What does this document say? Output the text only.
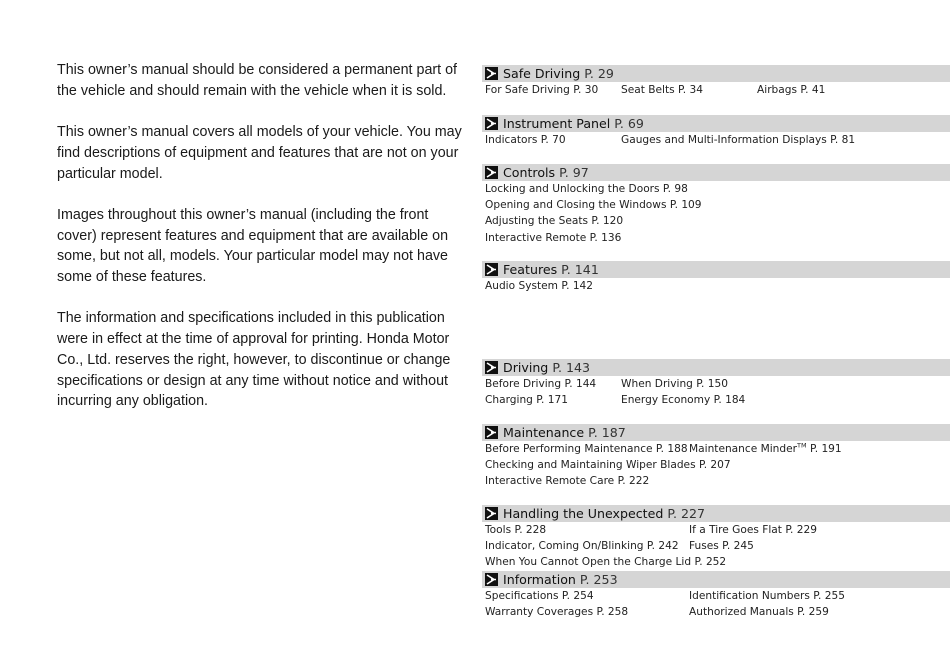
This owner’s manual should be considered a permanent part of the vehicle and should remain with the vehicle when it is sold.

This owner’s manual covers all models of your vehicle. You may find descriptions of equipment and features that are not on your particular model.

Images throughout this owner’s manual (including the front cover) represent features and equipment that are available on some, but not all, models. Your particular model may not have some of these features.

The information and specifications included in this publication were in effect at the time of approval for printing. Honda Motor Co., Ltd. reserves the right, however, to discontinue or change specifications or design at any time without notice and without incurring any obligation.

Safe Driving P. 29
For Safe Driving P. 30 Seat Belts P. 34	Airbags P. 41
Instrument Panel P. 69
Indicators P. 70	Gauges and Multi-Information Displays P. 81
Controls P. 97
Locking and Unlocking the Doors P. 98
Opening and Closing the Windows P. 109
Adjusting the Seats P. 120
Interactive Remote P. 136
Features P. 141
Audio System P. 142
Driving P. 143
Before Driving P. 144 When Driving P. 150
Charging P. 171	Energy Economy P. 184
Maintenance P. 187
Before Performing Maintenance P. 188 Maintenance Minder™ P. 191
Checking and Maintaining Wiper Blades P. 207
Interactive Remote Care P. 222
Handling the Unexpected P. 227
Tools P. 228	If a Tire Goes Flat P. 229
Indicator, Coming On/Blinking P. 242 Fuses P. 245
When You Cannot Open the Charge Lid P. 252
Information P. 253
Specifications P. 254	Identification Numbers P. 255
Warranty Coverages P. 258	Authorized Manuals P. 259
